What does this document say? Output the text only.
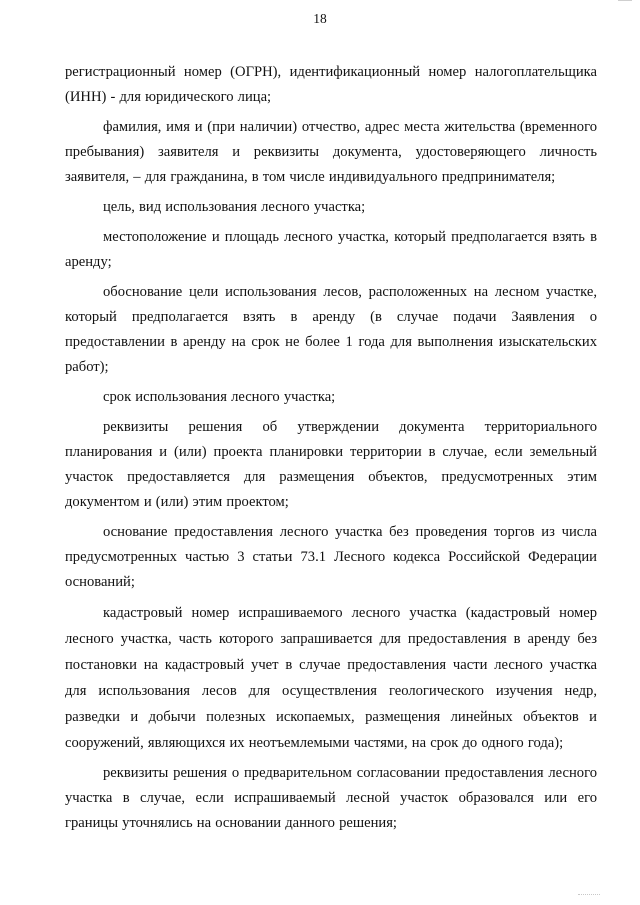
18

регистрационный номер (ОГРН), идентификационный номер налогоплательщика (ИНН) - для юридического лица;

фамилия, имя и (при наличии) отчество, адрес места жительства (временного пребывания) заявителя и реквизиты документа, удостоверяющего личность заявителя, – для гражданина, в том числе индивидуального предпринимателя;

цель, вид использования лесного участка;

местоположение и площадь лесного участка, который предполагается взять в аренду;

обоснование цели использования лесов, расположенных на лесном участке, который предполагается взять в аренду (в случае подачи Заявления о предоставлении в аренду на срок не более 1 года для выполнения изыскательских работ);

срок использования лесного участка;

реквизиты решения об утверждении документа территориального планирования и (или) проекта планировки территории в случае, если земельный участок предоставляется для размещения объектов, предусмотренных этим документом и (или) этим проектом;

основание предоставления лесного участка без проведения торгов из числа предусмотренных частью 3 статьи 73.1 Лесного кодекса Российской Федерации оснований;

кадастровый номер испрашиваемого лесного участка (кадастровый номер лесного участка, часть которого запрашивается для предоставления в аренду без постановки на кадастровый учет в случае предоставления части лесного участка для использования лесов для осуществления геологического изучения недр, разведки и добычи полезных ископаемых, размещения линейных объектов и сооружений, являющихся их неотъемлемыми частями, на срок до одного года);

реквизиты решения о предварительном согласовании предоставления лесного участка в случае, если испрашиваемый лесной участок образовался или его границы уточнялись на основании данного решения;
